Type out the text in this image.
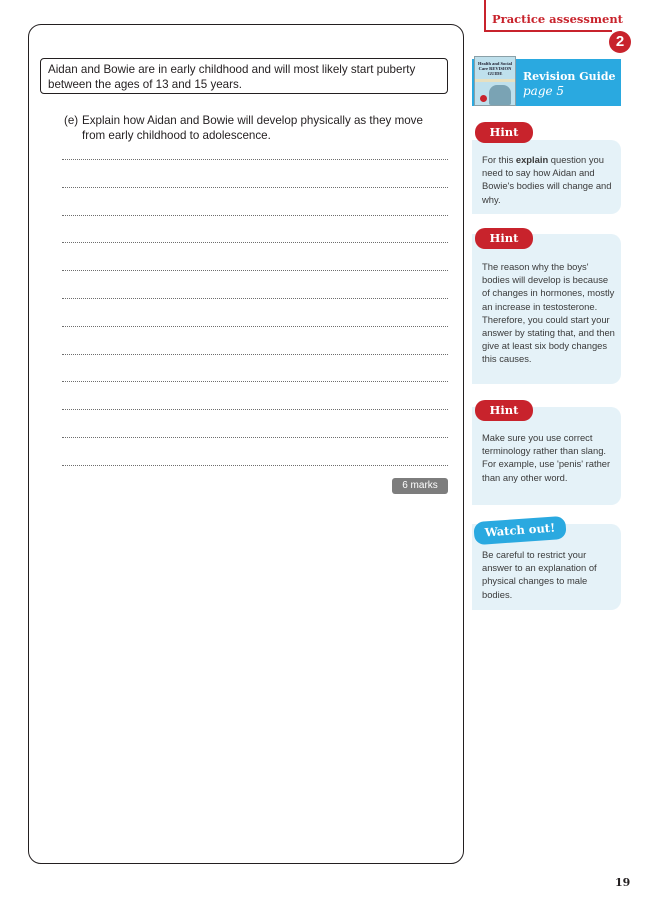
Practice assessment
2
Aidan and Bowie are in early childhood and will most likely start puberty between the ages of 13 and 15 years.
(e) Explain how Aidan and Bowie will develop physically as they move from early childhood to adolescence.
6 marks
Health and Social Care REVISION GUIDE	Revision Guide
page 5
For this explain question you need to say how Aidan and Bowie's bodies will change and why.
Hint
The reason why the boys' bodies will develop is because of changes in hormones, mostly an increase in testosterone. Therefore, you could start your answer by stating that, and then give at least six body changes this causes.
Hint
Make sure you use correct terminology rather than slang. For example, use 'penis' rather than any other word.
Hint
Be careful to restrict your answer to an explanation of physical changes to male bodies.
Watch out!
19
